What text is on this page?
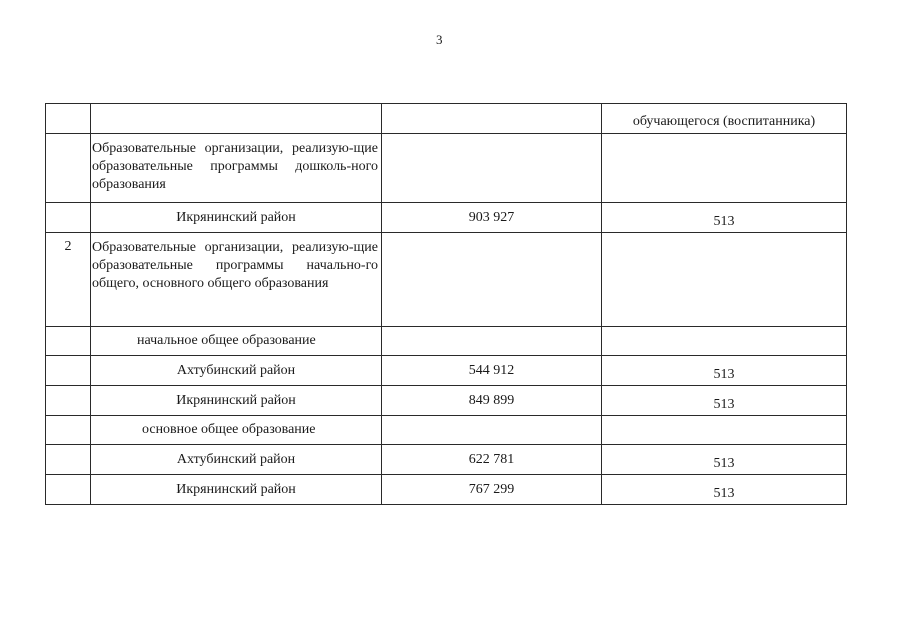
3
			обучающегося (воспитанника)
	Образовательные организации, реализую-щие образовательные программы дошколь-ного образования		
	Икрянинский район	903 927	513
2	Образовательные организации, реализую-щие образовательные программы начально-го общего, основного общего образования		
	начальное общее образование		
	Ахтубинский район	544 912	513
	Икрянинский район	849 899	513
	основное общее образование		
	Ахтубинский район	622 781	513
	Икрянинский район	767 299	513
